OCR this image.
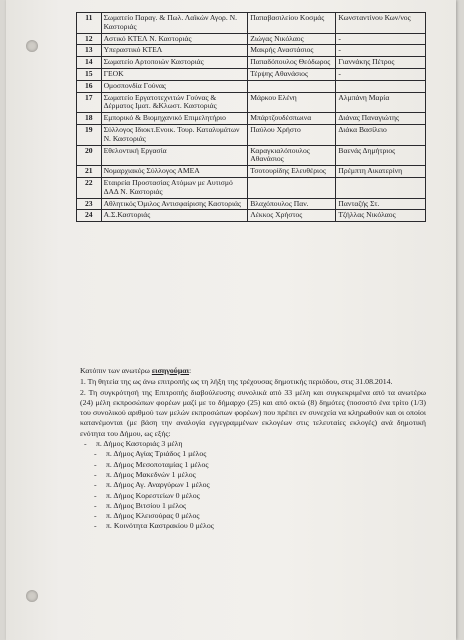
11	Σωματείο Παραγ. & Πωλ. Λαϊκών Αγορ. Ν. Καστοριάς	Παπαβασιλείου Κοσμάς	Κωνσταντίνου Κων/νος
12	Αστικό ΚΤΕΛ Ν. Καστοριάς	Ζιώγας Νικόλαος	-
13	Υπεραστικό ΚΤΕΛ	Μακρής Αναστάσιος	-
14	Σωματείο Αρτοποιών Καστοριάς	Παπαδόπουλος Θεόδωρος	Γιαννάκης Πέτρος
15	ΓΕΟΚ	Τέρψης Αθανάσιος	-
16	Ομοσπονδία Γούνας		
17	Σωματείο Εργατοτεχνιτών Γούνας & Δέρματος Ιματ. &Κλωστ. Καστοριάς	Μάρκου Ελένη	Αλμπάνη Μαρία
18	Εμπορικό & Βιομηχανικό Επιμελητήριο	Μπάρτζουδέσπωινα	Διάνας Παναγιώτης
19	Σύλλογος Ιδιοκτ.Ενοικ. Τουρ. Καταλυμάτων Ν. Καστοριάς	Παύλου Χρήστο	Διάκα Βασίλειο
20	Εθελοντική Εργασία	Καραγκιαλόπουλος Αθανάσιος	Βαενάς Δημήτριος
21	Νομαρχιακός Σύλλογος ΑΜΕΑ	Τσοτουρίδης Ελευθέριος	Πρέμπτη Αικατερίνη
22	Εταιρεία Προστασίας Ατόμων με Αυτισμό ΔΑΔ Ν. Καστοριάς		
23	Αθλητικός Όμιλος Αντισφαίρισης Καστοριάς	Βλαχόπουλος Παν.	Πανταζής Στ.
24	Α.Σ.Καστοριάς	Λέκκος Χρήστος	Τζήλλας Νικόλαος

Κατόπιν των ανωτέρω εισηγούμαι:

1. Τη θητεία της ως άνω επιτροπής ως τη λήξη της τρέχουσας δημοτικής περιόδου, στις 31.08.2014.

2. Τη συγκρότησή της Επιτροπής διαβούλευσης συνολικά από 33 μέλη και συγκεκριμένα από τα ανωτέρω (24) μέλη εκπροσώπων φορέων μαζί με το δήμαρχο (25) και από οκτώ (8) δημότες (ποσοστό ένα τρίτο (1/3) του συνολικού αριθμού των μελών εκπροσώπων φορέων) που πρέπει εν συνεχεία να κληρωθούν και οι οποίοι κατανέμονται (με βάση την αναλογία εγγεγραμμένων εκλογέων στις τελευταίες εκλογές) ανά δημοτική ενότητα του Δήμου, ως εξής:

- π. Δήμος Καστοριάς 3 μέλη
- π. Δήμος Αγίας Τριάδος 1 μέλος
- π. Δήμος Μεσοποταμίας 1 μέλος
- π. Δήμος Μακεδνών 1 μέλος
- π. Δήμος Αγ. Αναργύρων 1 μέλος
- π. Δήμος Κορεστείων 0 μέλος
- π. Δήμος Βιτσίου 1 μέλος
- π. Δήμος Κλεισούρας 0 μέλος
- π. Κοινότητα Καστρακίου 0 μέλος
